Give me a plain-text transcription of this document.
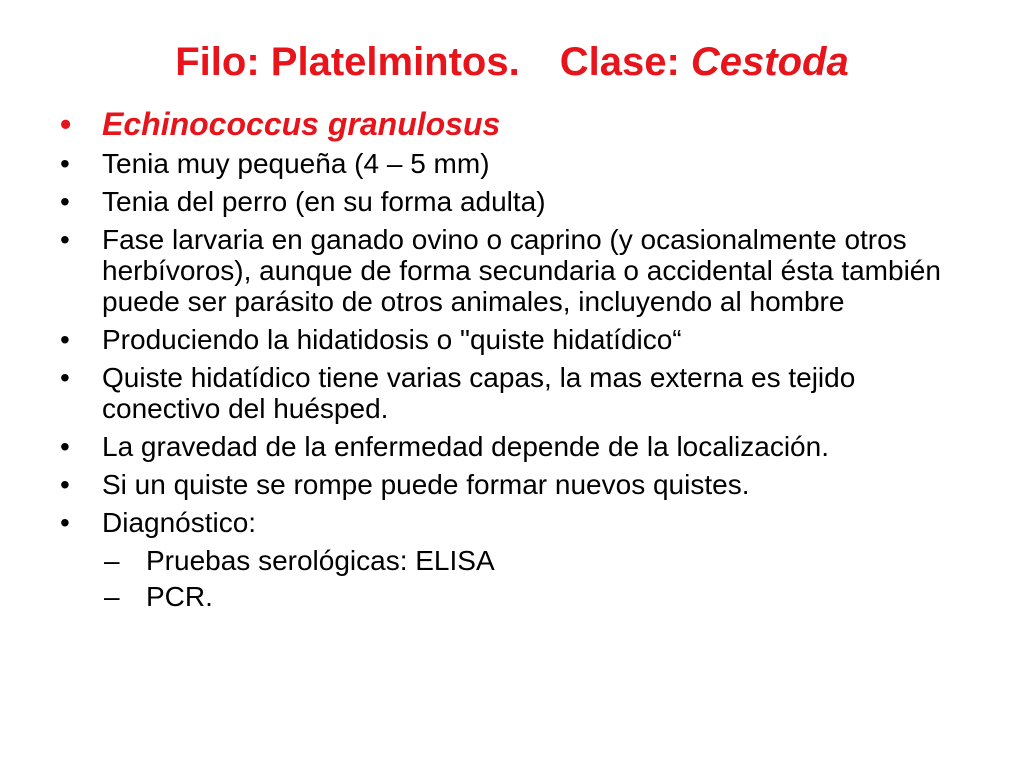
Filo: Platelmintos. Clase: Cestoda
• Echinococcus granulosus
•	Tenia muy pequeña (4 – 5 mm)
•	Tenia del perro (en su forma adulta)
•	Fase larvaria en ganado ovino o caprino (y ocasionalmente otros herbívoros), aunque de forma secundaria o accidental ésta también puede ser parásito de otros animales, incluyendo al hombre
•	Produciendo la hidatidosis o "quiste hidatídico“
•	Quiste hidatídico tiene varias capas, la mas externa es tejido conectivo del huésped.
•	La gravedad de la enfermedad depende de la localización.
•	Si un quiste se rompe puede formar nuevos quistes.
•	Diagnóstico:
– Pruebas serológicas: ELISA
– PCR.
